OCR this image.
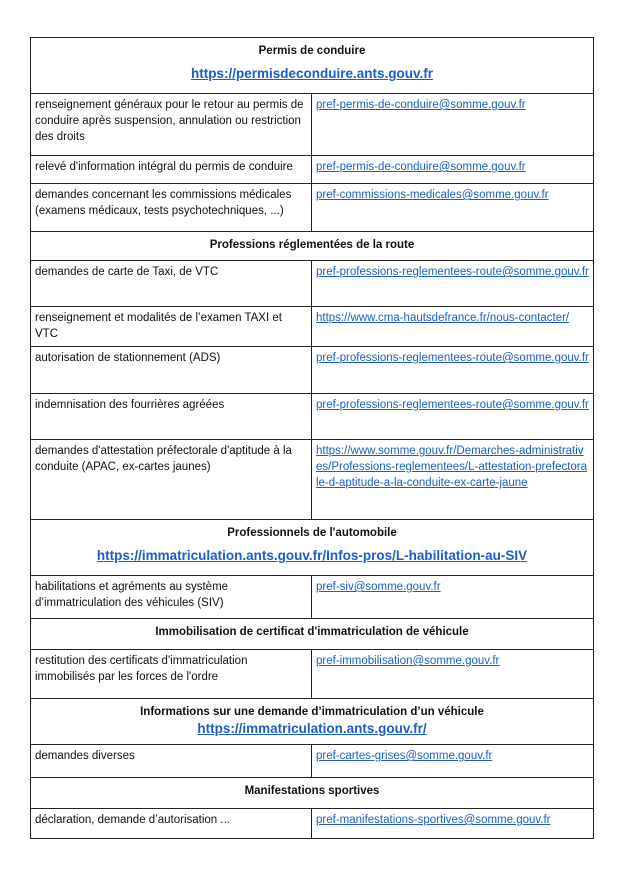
Permis de conduire
https://permisdeconduire.ants.gouv.fr	

renseignement généraux pour le retour au permis de conduire après suspension, annulation ou restriction des droits	pref-permis-de-conduire@somme.gouv.fr
relevé d'information intégral du permis de conduire	pref-permis-de-conduire@somme.gouv.fr
demandes concernant les commissions médicales (examens médicaux, tests psychotechniques, ...)	pref-commissions-medicales@somme.gouv.fr

Professions réglementées de la route	

demandes de carte de Taxi, de VTC	pref-professions-reglementees-route@somme.gouv.fr
renseignement et modalités de l’examen TAXI et VTC	https://www.cma-hautsdefrance.fr/nous-contacter/
autorisation de stationnement (ADS)	pref-professions-reglementees-route@somme.gouv.fr
indemnisation des fourrières agréées	pref-professions-reglementees-route@somme.gouv.fr
demandes d'attestation préfectorale d'aptitude à la conduite (APAC, ex-cartes jaunes)	https://www.somme.gouv.fr/Demarches-administratives/Professions-reglementees/L-attestation-prefectorale-d-aptitude-a-la-conduite-ex-carte-jaune

Professionnels de l'automobile
https://immatriculation.ants.gouv.fr/Infos-pros/L-habilitation-au-SIV	

habilitations et agréments au système d’immatriculation des véhicules (SIV)	pref-siv@somme.gouv.fr

Immobilisation de certificat d'immatriculation de véhicule	

restitution des certificats d'immatriculation immobilisés par les forces de l'ordre	pref-immobilisation@somme.gouv.fr

Informations sur une demande d’immatriculation d’un véhicule
https://immatriculation.ants.gouv.fr/	

demandes diverses	pref-cartes-grises@somme.gouv.fr

Manifestations sportives	

déclaration, demande d’autorisation ...	pref-manifestations-sportives@somme.gouv.fr
